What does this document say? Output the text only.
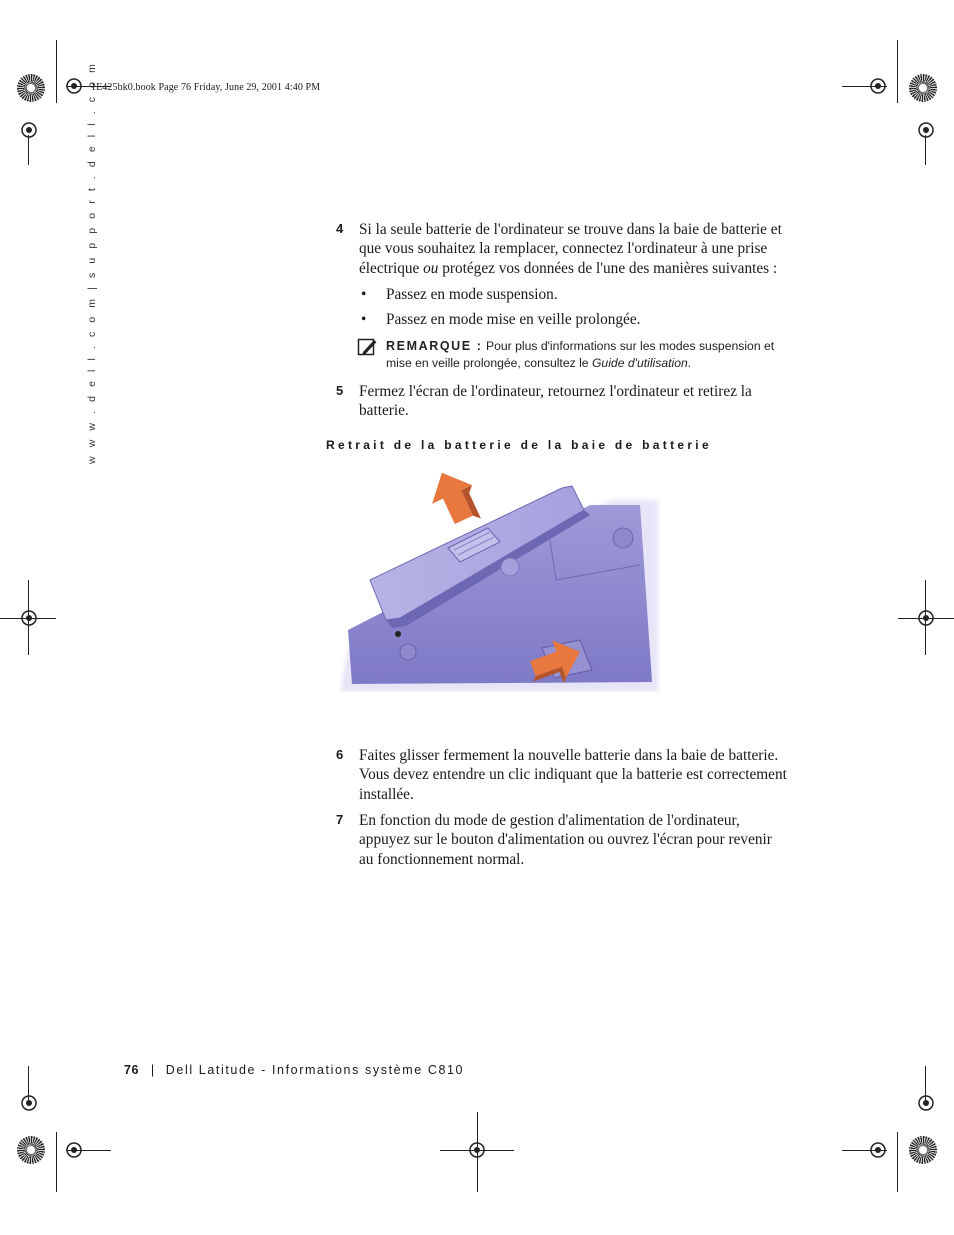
1E425bk0.book Page 76 Friday, June 29, 2001 4:40 PM
w w w . d e l l . c o m | s u p p o r t . d e l l . c o m	4 Si la seule batterie de l'ordinateur se trouve dans la baie de batterie et
que vous souhaitez la remplacer, connectez l'ordinateur à une prise
électrique ou protégez vos données de l'une des manières suivantes :
• Passez en mode suspension.
• Passez en mode mise en veille prolongée.
REMARQUE : Pour plus d'informations sur les modes suspension et
mise en veille prolongée, consultez le Guide d'utilisation.
5 Fermez l'écran de l'ordinateur, retournez l'ordinateur et retirez la
batterie.
Retrait de la batterie de la baie de batterie
6 Faites glisser fermement la nouvelle batterie dans la baie de batterie.
Vous devez entendre un clic indiquant que la batterie est correctement
installée.
7 En fonction du mode de gestion d'alimentation de l'ordinateur,
appuyez sur le bouton d'alimentation ou ouvrez l'écran pour revenir
au fonctionnement normal.
76 | Dell Latitude - Informations système C810
